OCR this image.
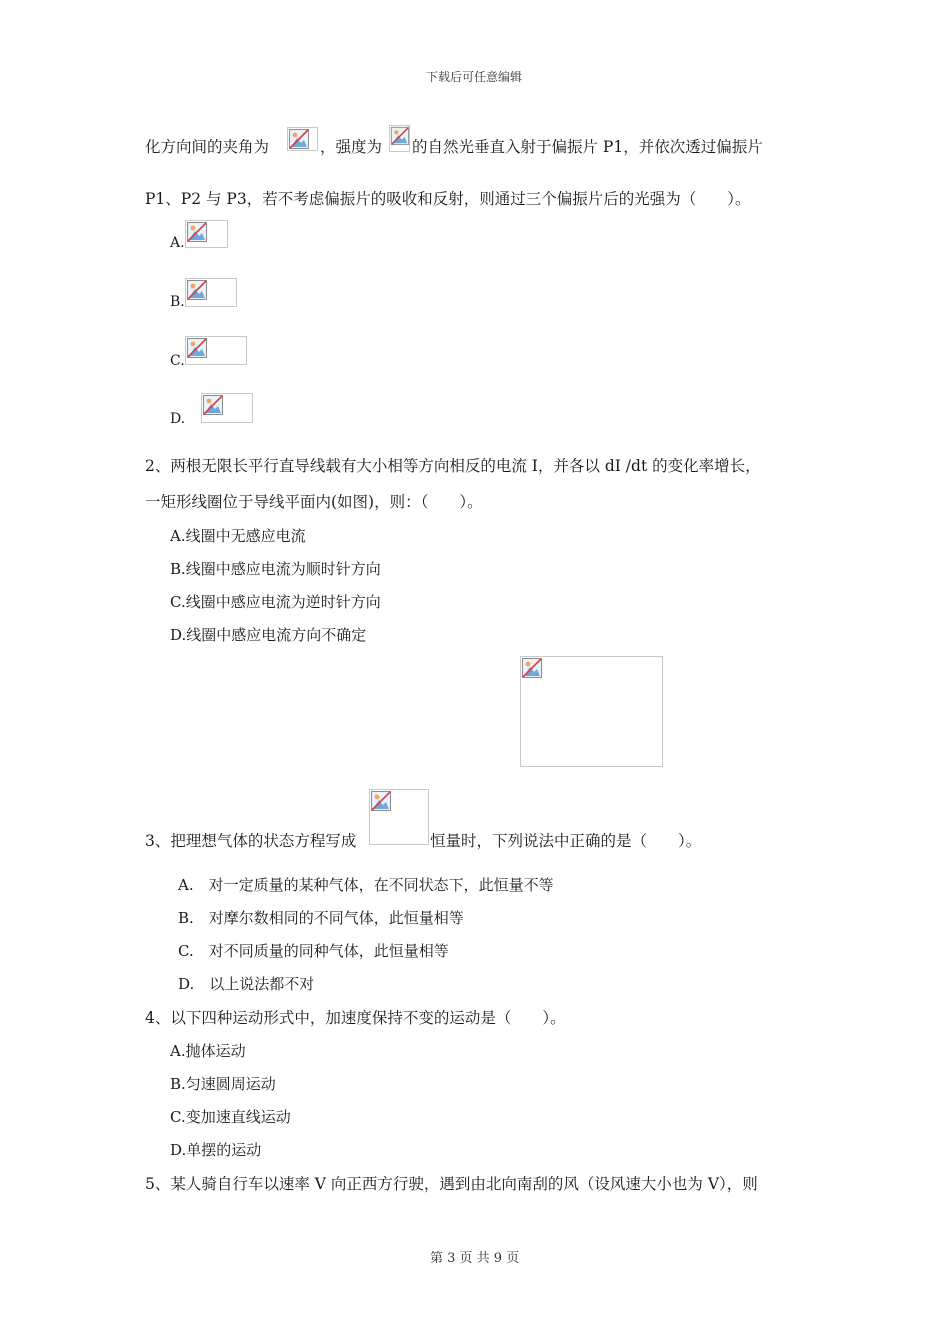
下载后可任意编辑
化方向间的夹角为	，强度为 的自然光垂直入射于偏振片 P1，并依次透过偏振片
P1、P2 与 P3，若不考虑偏振片的吸收和反射，则通过三个偏振片后的光强为（　　）。
A.
B.
C.
D.
2、两根无限长平行直导线载有大小相等方向相反的电流 I，并各以 dI /dt 的变化率增长，
一矩形线圈位于导线平面内(如图)，则：（　　）。
A.线圈中无感应电流
B.线圈中感应电流为顺时针方向
C.线圈中感应电流为逆时针方向
D.线圈中感应电流方向不确定
3、把理想气体的状态方程写成	恒量时，下列说法中正确的是（　　）。
A.　对一定质量的某种气体，在不同状态下，此恒量不等
B.　对摩尔数相同的不同气体，此恒量相等
C.　对不同质量的同种气体，此恒量相等
D.　以上说法都不对
4、以下四种运动形式中，加速度保持不变的运动是（　　）。
A.抛体运动
B.匀速圆周运动
C.变加速直线运动
D.单摆的运动
5、某人骑自行车以速率 V 向正西方行驶，遇到由北向南刮的风（设风速大小也为 V），则
第 3 页 共 9 页
